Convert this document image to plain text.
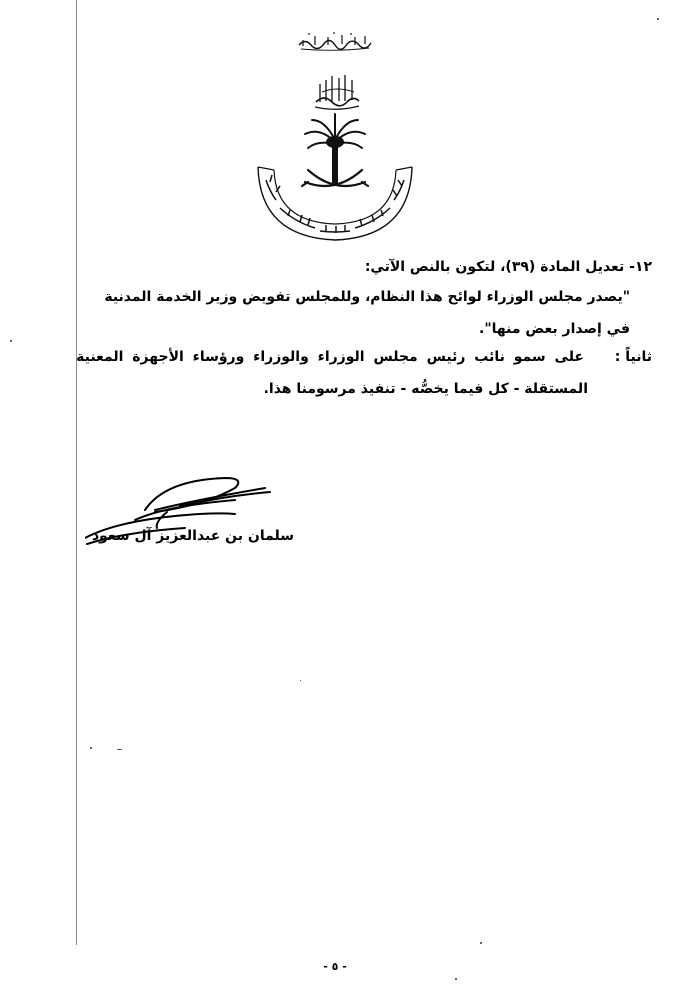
١٢- تعديل المادة (٣٩)، لتكون بالنص الآتي:
"يصدر مجلس الوزراء لوائح هذا النظام، وللمجلس تفويض وزير الخدمة المدنية
في إصدار بعض منها".
ثانياً :
على سمو نائب رئيس مجلس الوزراء والوزراء ورؤساء الأجهزة المعنية
المستقلة - كل فيما يخصُّه - تنفيذ مرسومنا هذا.
سلمان بن عبدالعزيز آل سعود
- ٥ -
